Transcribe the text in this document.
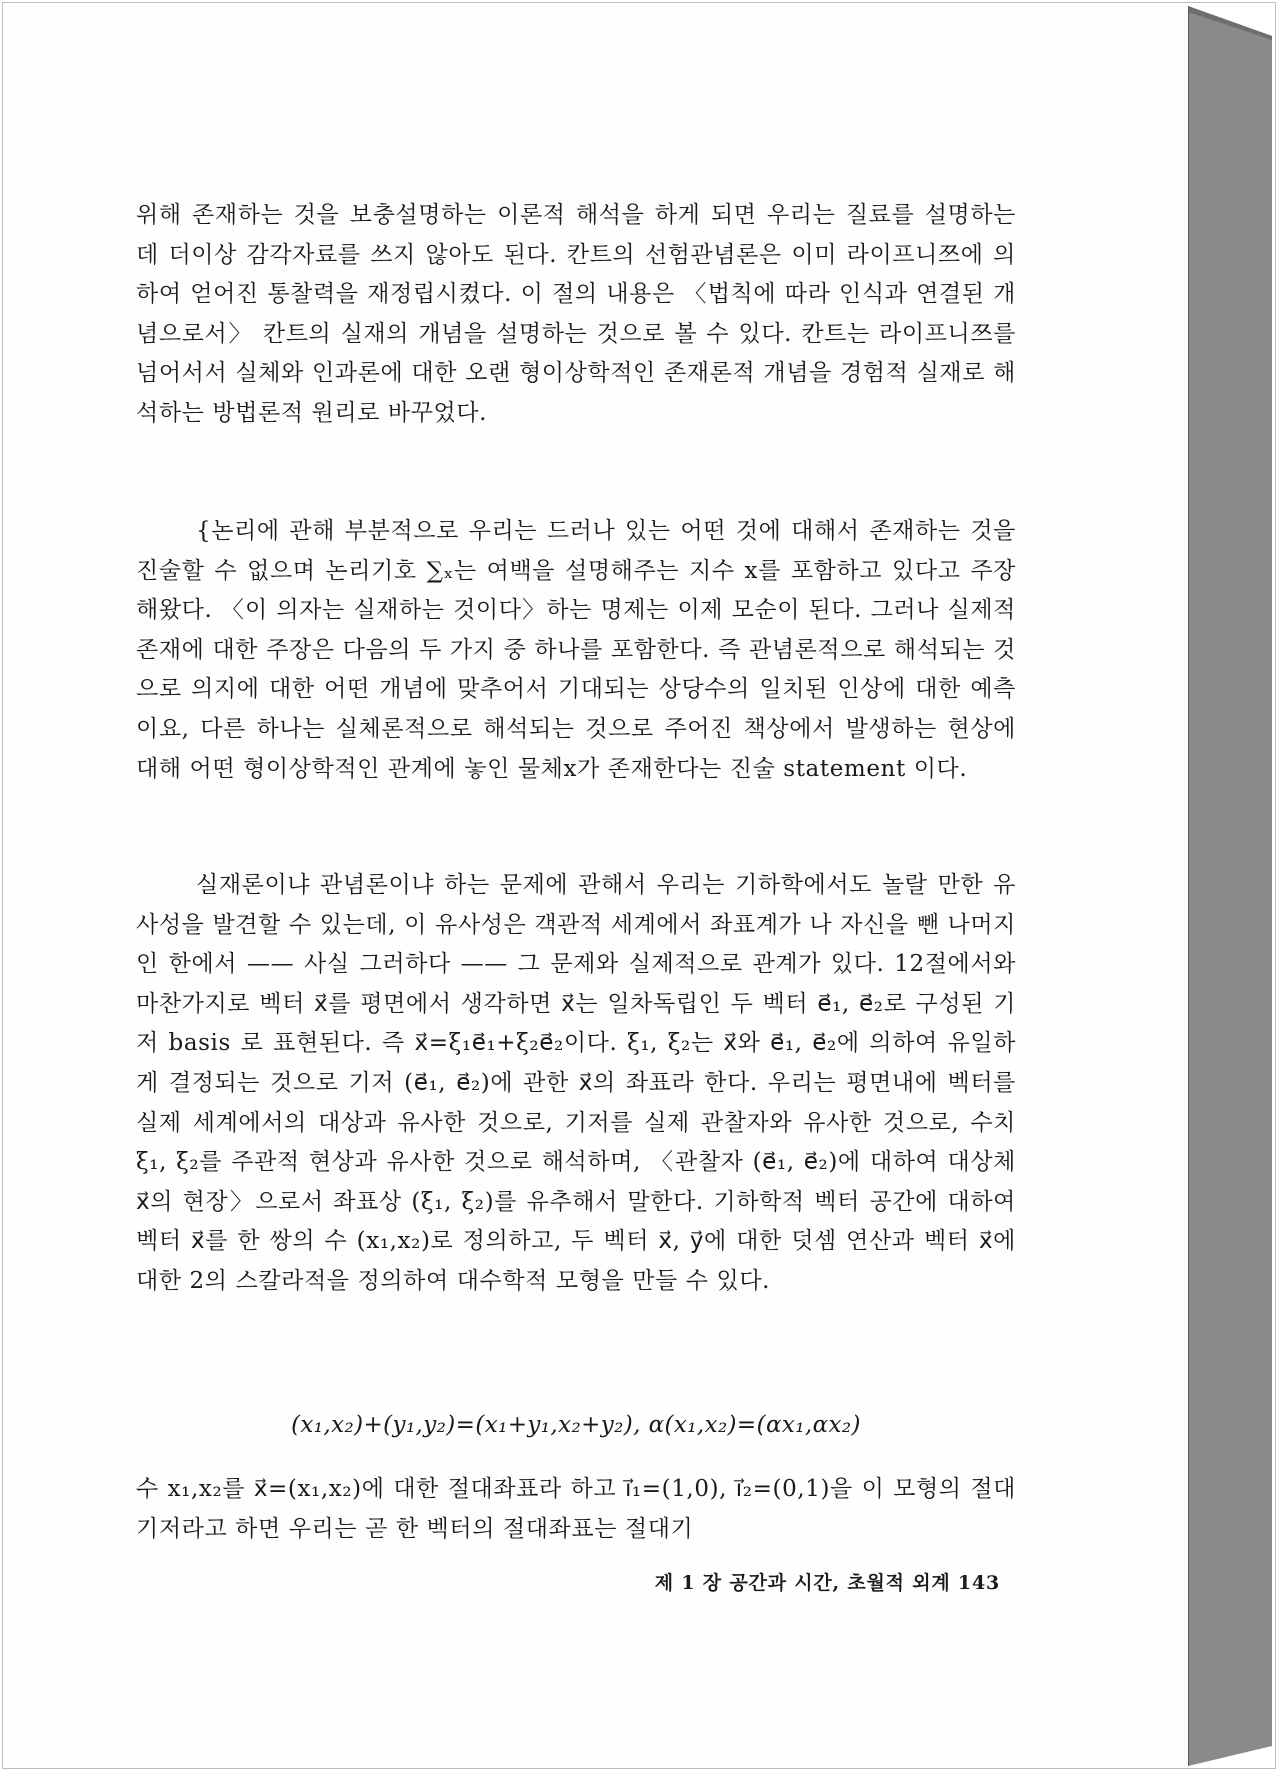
위해 존재하는 것을 보충설명하는 이론적 해석을 하게 되면 우리는 질료를 설명하는 데 더이상 감각자료를 쓰지 않아도 된다. 칸트의 선험관념론은 이미 라이프니쯔에 의하여 얻어진 통찰력을 재정립시켰다. 이 절의 내용은 〈법칙에 따라 인식과 연결된 개념으로서〉 칸트의 실재의 개념을 설명하는 것으로 볼 수 있다. 칸트는 라이프니쯔를 넘어서서 실체와 인과론에 대한 오랜 형이상학적인 존재론적 개념을 경험적 실재로 해석하는 방법론적 원리로 바꾸었다.

{논리에 관해 부분적으로 우리는 드러나 있는 어떤 것에 대해서 존재하는 것을 진술할 수 없으며 논리기호 ∑ₓ는 여백을 설명해주는 지수 x를 포함하고 있다고 주장해왔다. 〈이 의자는 실재하는 것이다〉하는 명제는 이제 모순이 된다. 그러나 실제적 존재에 대한 주장은 다음의 두 가지 중 하나를 포함한다. 즉 관념론적으로 해석되는 것으로 의지에 대한 어떤 개념에 맞추어서 기대되는 상당수의 일치된 인상에 대한 예측이요, 다른 하나는 실체론적으로 해석되는 것으로 주어진 책상에서 발생하는 현상에 대해 어떤 형이상학적인 관계에 놓인 물체x가 존재한다는 진술 statement 이다.

실재론이냐 관념론이냐 하는 문제에 관해서 우리는 기하학에서도 놀랄 만한 유사성을 발견할 수 있는데, 이 유사성은 객관적 세계에서 좌표계가 나 자신을 뺀 나머지인 한에서 —— 사실 그러하다 —— 그 문제와 실제적으로 관계가 있다. 12절에서와 마찬가지로 벡터 x⃗를 평면에서 생각하면 x⃗는 일차독립인 두 벡터 e⃗₁, e⃗₂로 구성된 기저 basis 로 표현된다. 즉 x⃗=ξ₁e⃗₁+ξ₂e⃗₂이다. ξ₁, ξ₂는 x⃗와 e⃗₁, e⃗₂에 의하여 유일하게 결정되는 것으로 기저 (e⃗₁, e⃗₂)에 관한 x⃗의 좌표라 한다. 우리는 평면내에 벡터를 실제 세계에서의 대상과 유사한 것으로, 기저를 실제 관찰자와 유사한 것으로, 수치 ξ₁, ξ₂를 주관적 현상과 유사한 것으로 해석하며, 〈관찰자 (e⃗₁, e⃗₂)에 대하여 대상체 x⃗의 현장〉으로서 좌표상 (ξ₁, ξ₂)를 유추해서 말한다. 기하학적 벡터 공간에 대하여 벡터 x⃗를 한 쌍의 수 (x₁,x₂)로 정의하고, 두 벡터 x⃗, y⃗에 대한 덧셈 연산과 벡터 x⃗에 대한 2의 스칼라적을 정의하여 대수학적 모형을 만들 수 있다.

(x₁,x₂)+(y₁,y₂)=(x₁+y₁,x₂+y₂), α(x₁,x₂)=(αx₁,αx₂)

수 x₁,x₂를 x⃗=(x₁,x₂)에 대한 절대좌표라 하고 i⃗₁=(1,0), i⃗₂=(0,1)을 이 모형의 절대기저라고 하면 우리는 곧 한 벡터의 절대좌표는 절대기

제 1 장 공간과 시간, 초월적 외계 143
